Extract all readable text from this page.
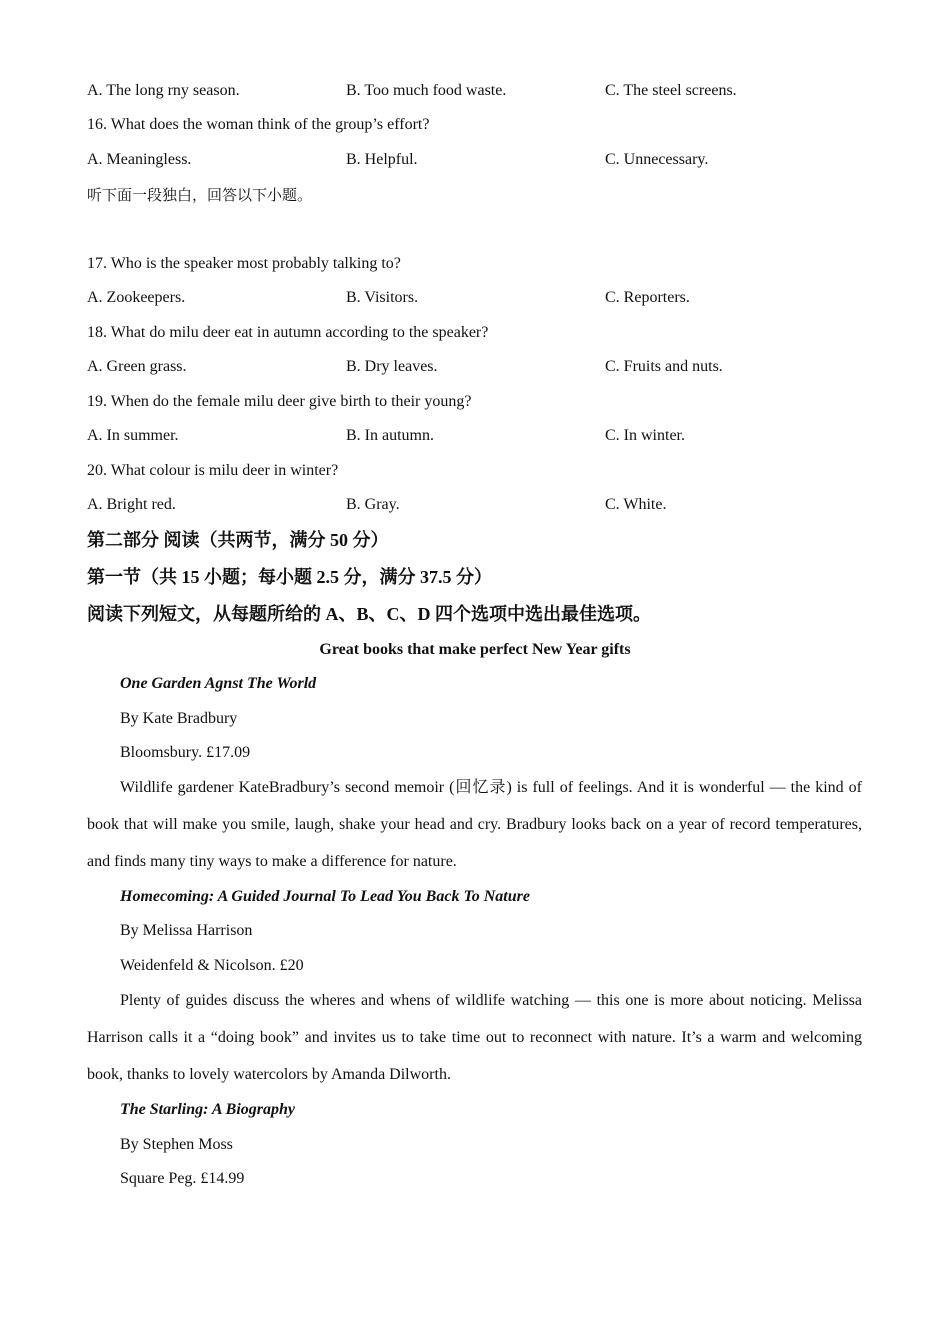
A. The long rny season.	B. Too much food waste.	C. The steel screens.
16. What does the woman think of the group’s effort?
A. Meaningless.	B. Helpful.	C. Unnecessary.
听下面一段独白，回答以下小题。
17. Who is the speaker most probably talking to?
A. Zookeepers.	B. Visitors.	C. Reporters.
18. What do milu deer eat in autumn according to the speaker?
A. Green grass.	B. Dry leaves.	C. Fruits and nuts.
19. When do the female milu deer give birth to their young?
A. In summer.	B. In autumn.	C. In winter.
20. What colour is milu deer in winter?
A. Bright red.	B. Gray.	C. White.
第二部分 阅读（共两节，满分 50 分）
第一节（共 15 小题；每小题 2.5 分，满分 37.5 分）
阅读下列短文，从每题所给的 A、B、C、D 四个选项中选出最佳选项。
Great books that make perfect New Year gifts
One Garden Agnst The World
By Kate Bradbury
Bloomsbury. £17.09
Wildlife gardener KateBradbury’s second memoir (回忆录) is full of feelings. And it is wonderful — the kind of book that will make you smile, laugh, shake your head and cry. Bradbury looks back on a year of record temperatures, and finds many tiny ways to make a difference for nature.
Homecoming: A Guided Journal To Lead You Back To Nature
By Melissa Harrison
Weidenfeld & Nicolson. £20
Plenty of guides discuss the wheres and whens of wildlife watching — this one is more about noticing. Melissa Harrison calls it a “doing book” and invites us to take time out to reconnect with nature. It’s a warm and welcoming book, thanks to lovely watercolors by Amanda Dilworth.
The Starling: A Biography
By Stephen Moss
Square Peg. £14.99
